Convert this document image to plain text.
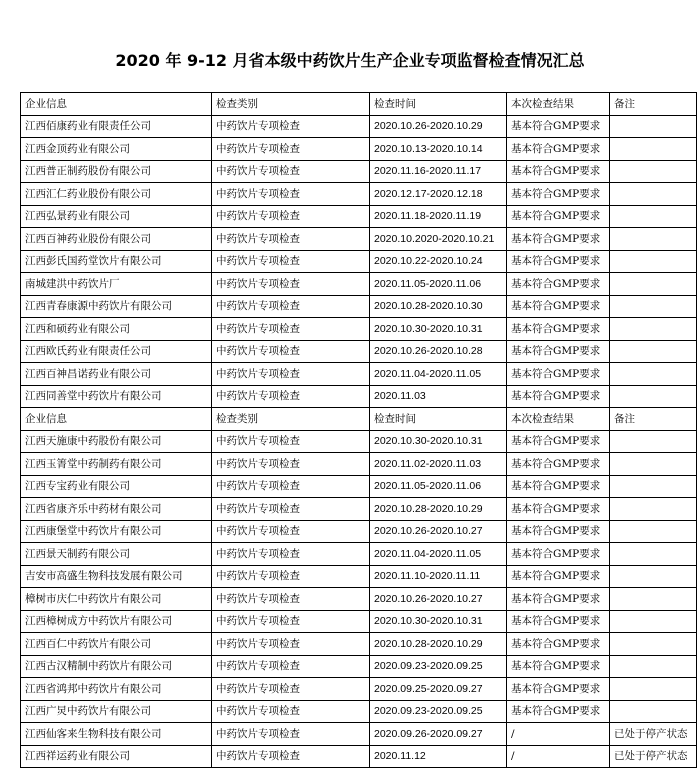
2020 年 9-12 月省本级中药饮片生产企业专项监督检查情况汇总
企业信息	检查类别	检查时间	本次检查结果	备注
江西佰康药业有限责任公司	中药饮片专项检查	2020.10.26-2020.10.29	基本符合GMP要求	
江西金顶药业有限公司	中药饮片专项检查	2020.10.13-2020.10.14	基本符合GMP要求	
江西普正制药股份有限公司	中药饮片专项检查	2020.11.16-2020.11.17	基本符合GMP要求	
江西汇仁药业股份有限公司	中药饮片专项检查	2020.12.17-2020.12.18	基本符合GMP要求	
江西弘景药业有限公司	中药饮片专项检查	2020.11.18-2020.11.19	基本符合GMP要求	
江西百神药业股份有限公司	中药饮片专项检查	2020.10.2020-2020.10.21	基本符合GMP要求	
江西彭氏国药堂饮片有限公司	中药饮片专项检查	2020.10.22-2020.10.24	基本符合GMP要求	
南城建洪中药饮片厂	中药饮片专项检查	2020.11.05-2020.11.06	基本符合GMP要求	
江西青春康源中药饮片有限公司	中药饮片专项检查	2020.10.28-2020.10.30	基本符合GMP要求	
江西和硕药业有限公司	中药饮片专项检查	2020.10.30-2020.10.31	基本符合GMP要求	
江西欧氏药业有限责任公司	中药饮片专项检查	2020.10.26-2020.10.28	基本符合GMP要求	
江西百神昌诺药业有限公司	中药饮片专项检查	2020.11.04-2020.11.05	基本符合GMP要求	
江西同善堂中药饮片有限公司	中药饮片专项检查	2020.11.03	基本符合GMP要求	
企业信息	检查类别	检查时间	本次检查结果	备注
江西天施康中药股份有限公司	中药饮片专项检查	2020.10.30-2020.10.31	基本符合GMP要求	
江西玉箐堂中药制药有限公司	中药饮片专项检查	2020.11.02-2020.11.03	基本符合GMP要求	
江西专宝药业有限公司	中药饮片专项检查	2020.11.05-2020.11.06	基本符合GMP要求	
江西省康齐乐中药材有限公司	中药饮片专项检查	2020.10.28-2020.10.29	基本符合GMP要求	
江西康堡堂中药饮片有限公司	中药饮片专项检查	2020.10.26-2020.10.27	基本符合GMP要求	
江西景天制药有限公司	中药饮片专项检查	2020.11.04-2020.11.05	基本符合GMP要求	
吉安市高盛生物科技发展有限公司	中药饮片专项检查	2020.11.10-2020.11.11	基本符合GMP要求	
樟树市庆仁中药饮片有限公司	中药饮片专项检查	2020.10.26-2020.10.27	基本符合GMP要求	
江西樟树成方中药饮片有限公司	中药饮片专项检查	2020.10.30-2020.10.31	基本符合GMP要求	
江西百仁中药饮片有限公司	中药饮片专项检查	2020.10.28-2020.10.29	基本符合GMP要求	
江西古汉精制中药饮片有限公司	中药饮片专项检查	2020.09.23-2020.09.25	基本符合GMP要求	
江西省鸿邦中药饮片有限公司	中药饮片专项检查	2020.09.25-2020.09.27	基本符合GMP要求	
江西广炅中药饮片有限公司	中药饮片专项检查	2020.09.23-2020.09.25	基本符合GMP要求	
江西仙客来生物科技有限公司	中药饮片专项检查	2020.09.26-2020.09.27	/	已处于停产状态
江西祥运药业有限公司	中药饮片专项检查	2020.11.12	/	已处于停产状态
